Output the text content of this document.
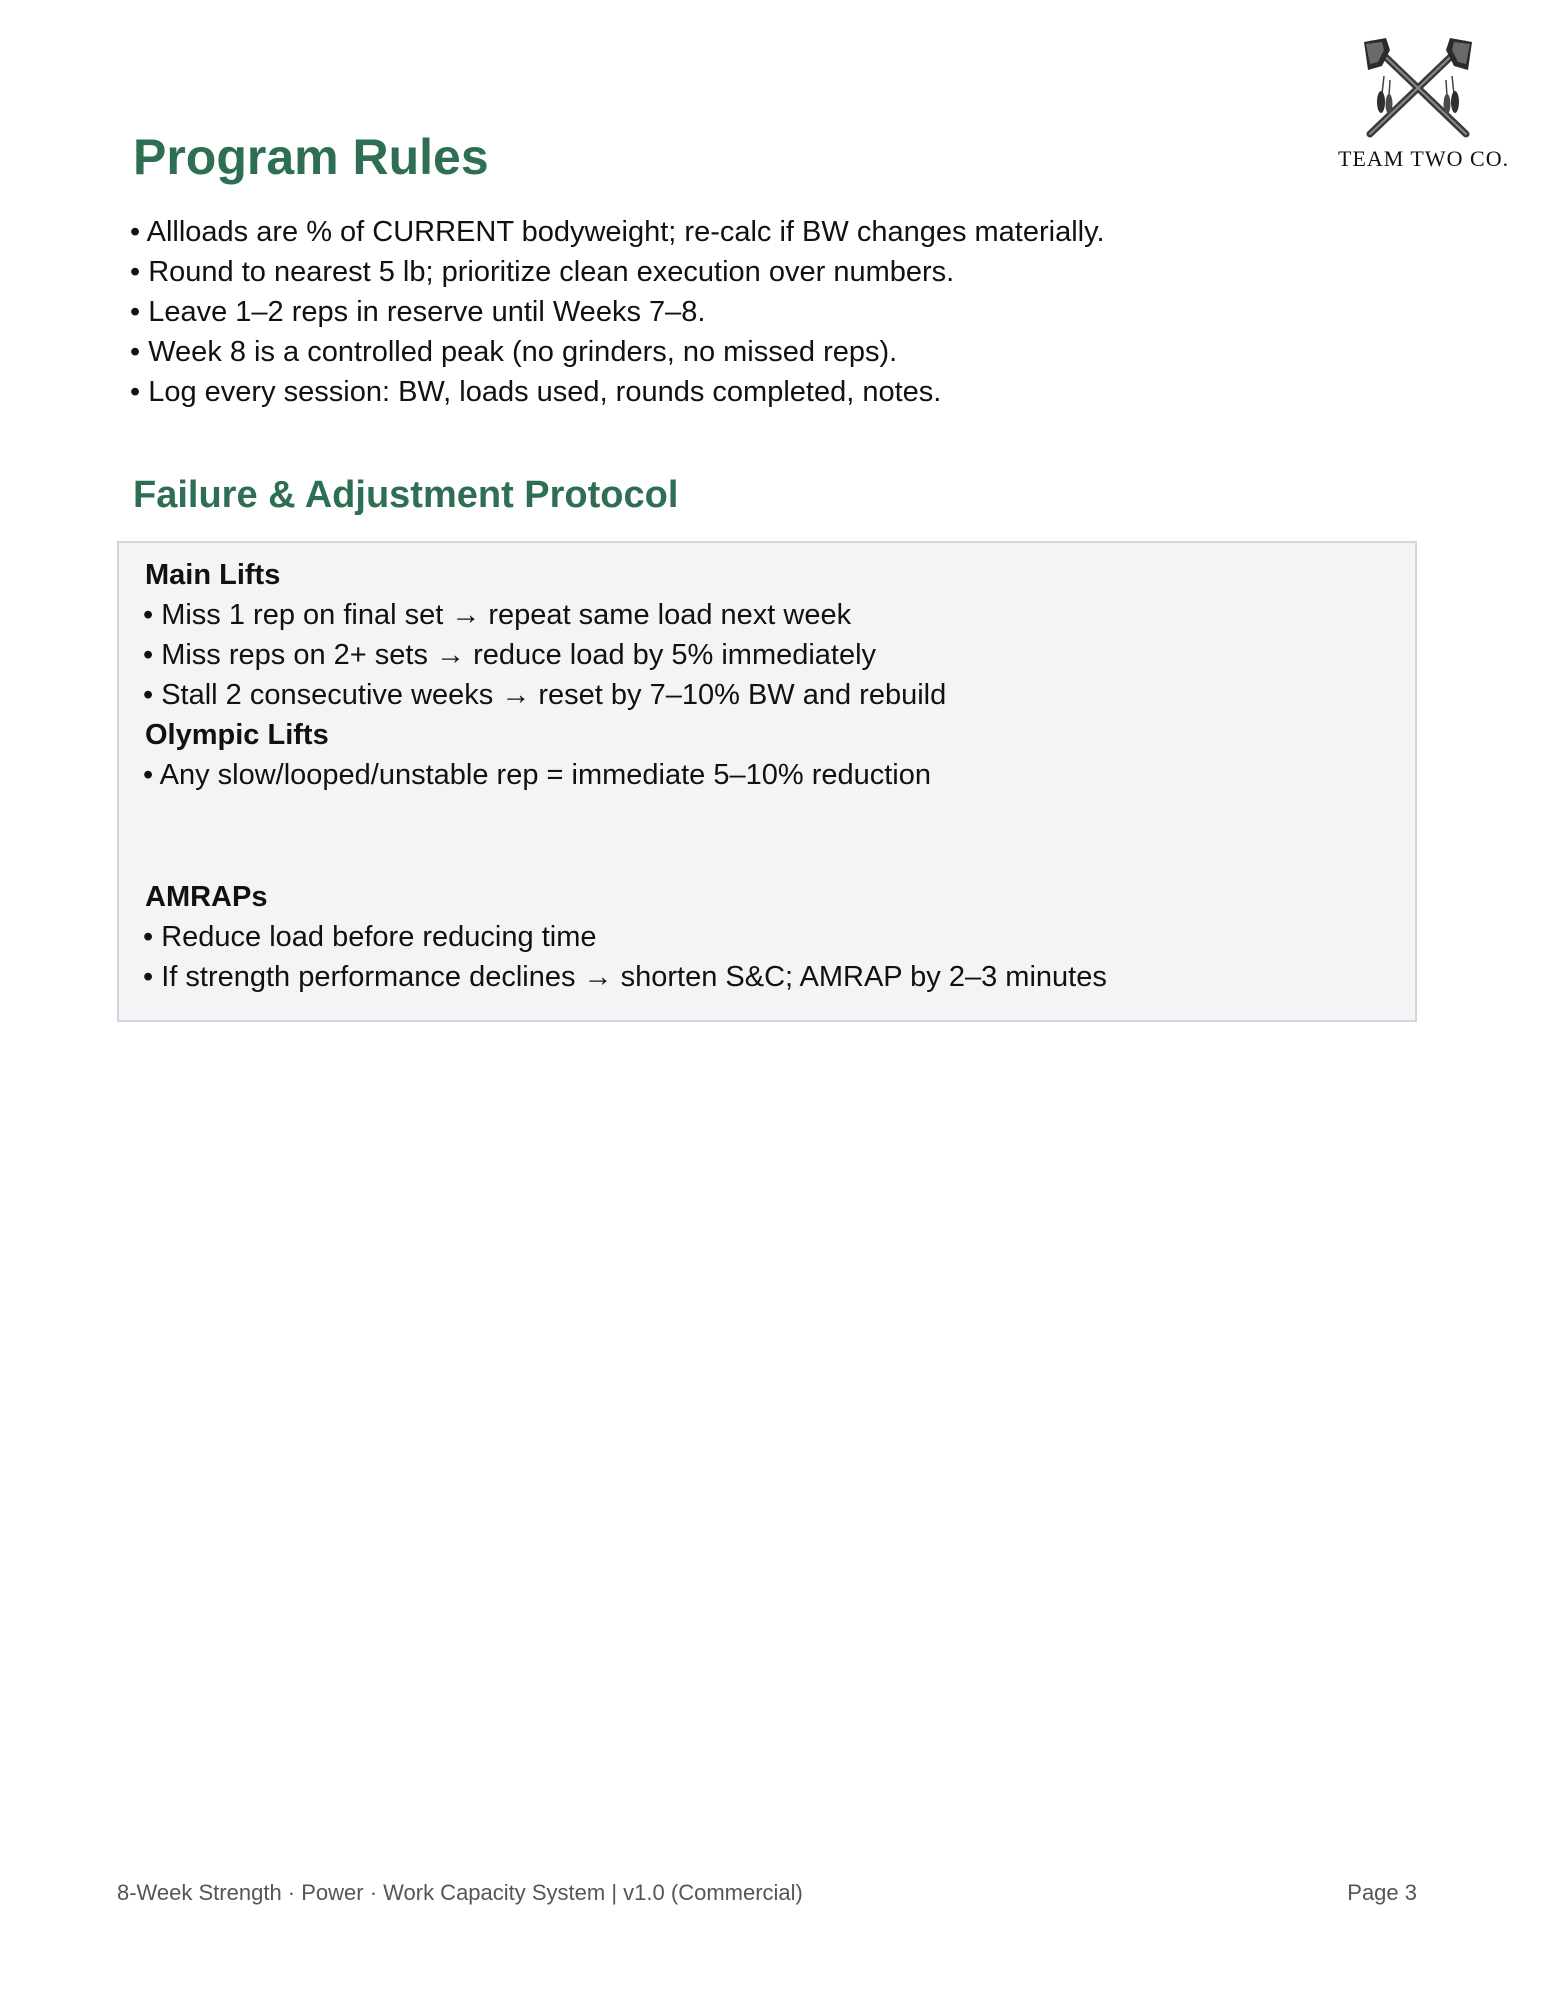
TEAM TWO CO.
Program Rules
• Allloads are % of CURRENT bodyweight; re-calc if BW changes materially.
• Round to nearest 5 lb; prioritize clean execution over numbers.
• Leave 1–2 reps in reserve until Weeks 7–8.
• Week 8 is a controlled peak (no grinders, no missed reps).
• Log every session: BW, loads used, rounds completed, notes.
Failure & Adjustment Protocol
Main Lifts
• Miss 1 rep on final set → repeat same load next week
• Miss reps on 2+ sets → reduce load by 5% immediately
• Stall 2 consecutive weeks → reset by 7–10% BW and rebuild
Olympic Lifts
• Any slow/looped/unstable rep = immediate 5–10% reduction
AMRAPs
• Reduce load before reducing time
• If strength performance declines → shorten S&C; AMRAP by 2–3 minutes
8-Week Strength · Power · Work Capacity System | v1.0 (Commercial)	Page 3
